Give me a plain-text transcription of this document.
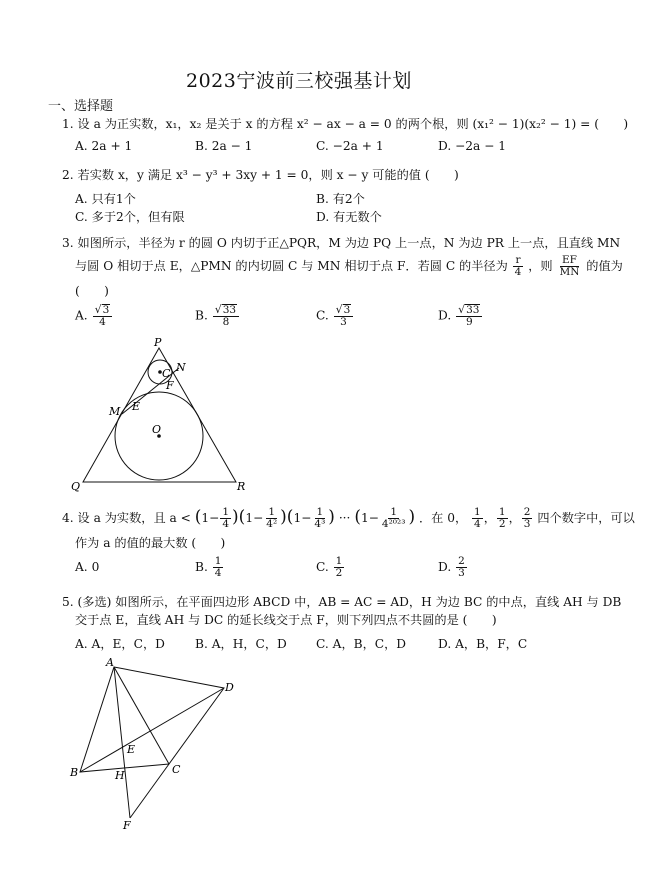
2023宁波前三校强基计划
一、选择题
1. 设 a 为正实数，x₁，x₂ 是关于 x 的方程 x² − ax − a = 0 的两个根，则 (x₁² − 1)(x₂² − 1) = (　　)
A. 2a + 1	B. 2a − 1	C. −2a + 1	D. −2a − 1
2. 若实数 x，y 满足 x³ − y³ + 3xy + 1 = 0，则 x − y 可能的值 (　　)
A. 只有1个	B. 有2个
C. 多于2个，但有限	D. 有无数个
3. 如图所示，半径为 r 的圆 O 内切于正△PQR，M 为边 PQ 上一点，N 为边 PR 上一点，且直线 MN
与圆 O 相切于点 E，△PMN 的内切圆 C 与 MN 相切于点 F．若圆 C 的半径为 $\frac{r}{4}$ ，则 $\frac{EF}{MN}$ 的值为
(　　)
A. $\frac{√ 3}{4}$	B. $\frac{√ 33}{8}$	C. $\frac{√ 3}{3}$	D. $\frac{√ 33}{9}$
P
N
C
F
M E
O
Q	R
4. 设 a 为实数，且 $a < (1- \frac{1}{4} )(1- \frac{1}{\text{4²}} )(1- \frac{1}{\text{4³}}$ ) ··· ($1- \frac{1}{\text{4²⁰²³}}$ ) ．在 0， $\frac{1}{4}$ ， $\frac{1}{2}$ ， $\frac{2}{3}$ 四个数字中，可以
作为 a 的值的最大数 (　　)
A. 0	B. $\frac{1}{4}$	C. $\frac{1}{2}$	D. $\frac{2}{3}$
5. (多选) 如图所示，在平面四边形 ABCD 中，AB = AC = AD，H 为边 BC 的中点，直线 AH 与 DB
交于点 E，直线 AH 与 DC 的延长线交于点 F，则下列四点不共圆的是 (　　)
A. A，E，C，D B. A，H，C，D C. A，B，C，D	D. A，B，F，C
A
D
E
B	H	C
F
